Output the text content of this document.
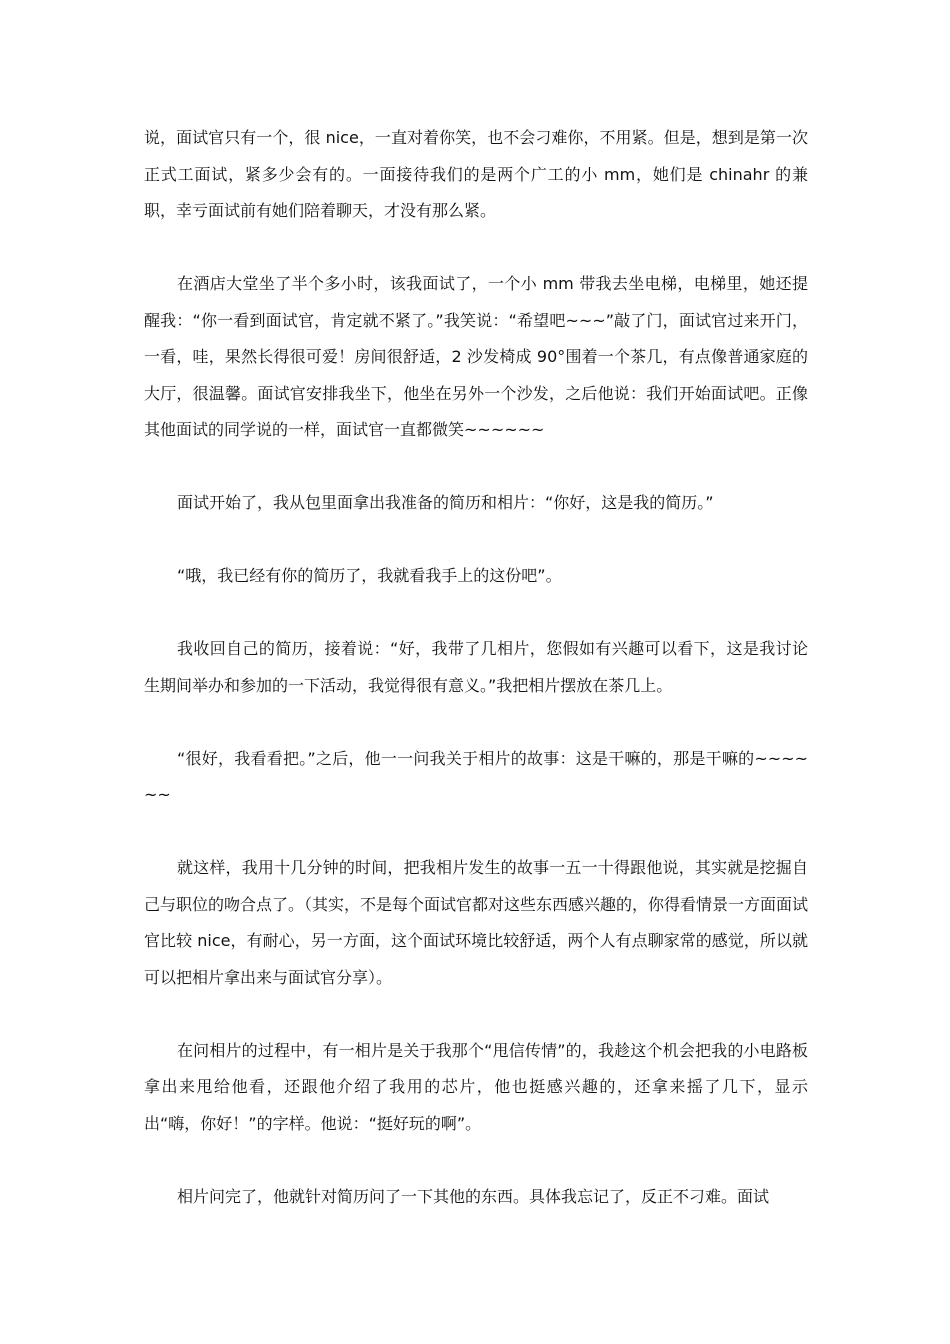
说，面试官只有一个，很 nice，一直对着你笑，也不会刁难你，不用紧。但是，想到是第一次正式工面试，紧多少会有的。一面接待我们的是两个广工的小 mm，她们是 chinahr 的兼职，幸亏面试前有她们陪着聊天，才没有那么紧。

在酒店大堂坐了半个多小时，该我面试了，一个小 mm 带我去坐电梯，电梯里，她还提醒我：“你一看到面试官，肯定就不紧了。”我笑说：“希望吧~~~”敲了门，面试官过来开门，一看，哇，果然长得很可爱！房间很舒适，2 沙发椅成 90°围着一个茶几，有点像普通家庭的大厅，很温馨。面试官安排我坐下，他坐在另外一个沙发，之后他说：我们开始面试吧。正像其他面试的同学说的一样，面试官一直都微笑~~~~~~

面试开始了，我从包里面拿出我准备的简历和相片：“你好，这是我的简历。”

“哦，我已经有你的简历了，我就看我手上的这份吧”。

我收回自己的简历，接着说：“好，我带了几相片，您假如有兴趣可以看下，这是我讨论生期间举办和参加的一下活动，我觉得很有意义。”我把相片摆放在茶几上。

“很好，我看看把。”之后，他一一问我关于相片的故事：这是干嘛的，那是干嘛的~~~~~~

就这样，我用十几分钟的时间，把我相片发生的故事一五一十得跟他说，其实就是挖掘自己与职位的吻合点了。（其实，不是每个面试官都对这些东西感兴趣的，你得看情景一方面面试官比较 nice，有耐心，另一方面，这个面试环境比较舒适，两个人有点聊家常的感觉，所以就可以把相片拿出来与面试官分享）。

在问相片的过程中，有一相片是关于我那个“甩信传情”的，我趁这个机会把我的小电路板拿出来甩给他看，还跟他介绍了我用的芯片，他也挺感兴趣的，还拿来摇了几下，显示出“嗨，你好！”的字样。他说：“挺好玩的啊”。

相片问完了，他就针对简历问了一下其他的东西。具体我忘记了，反正不刁难。面试
